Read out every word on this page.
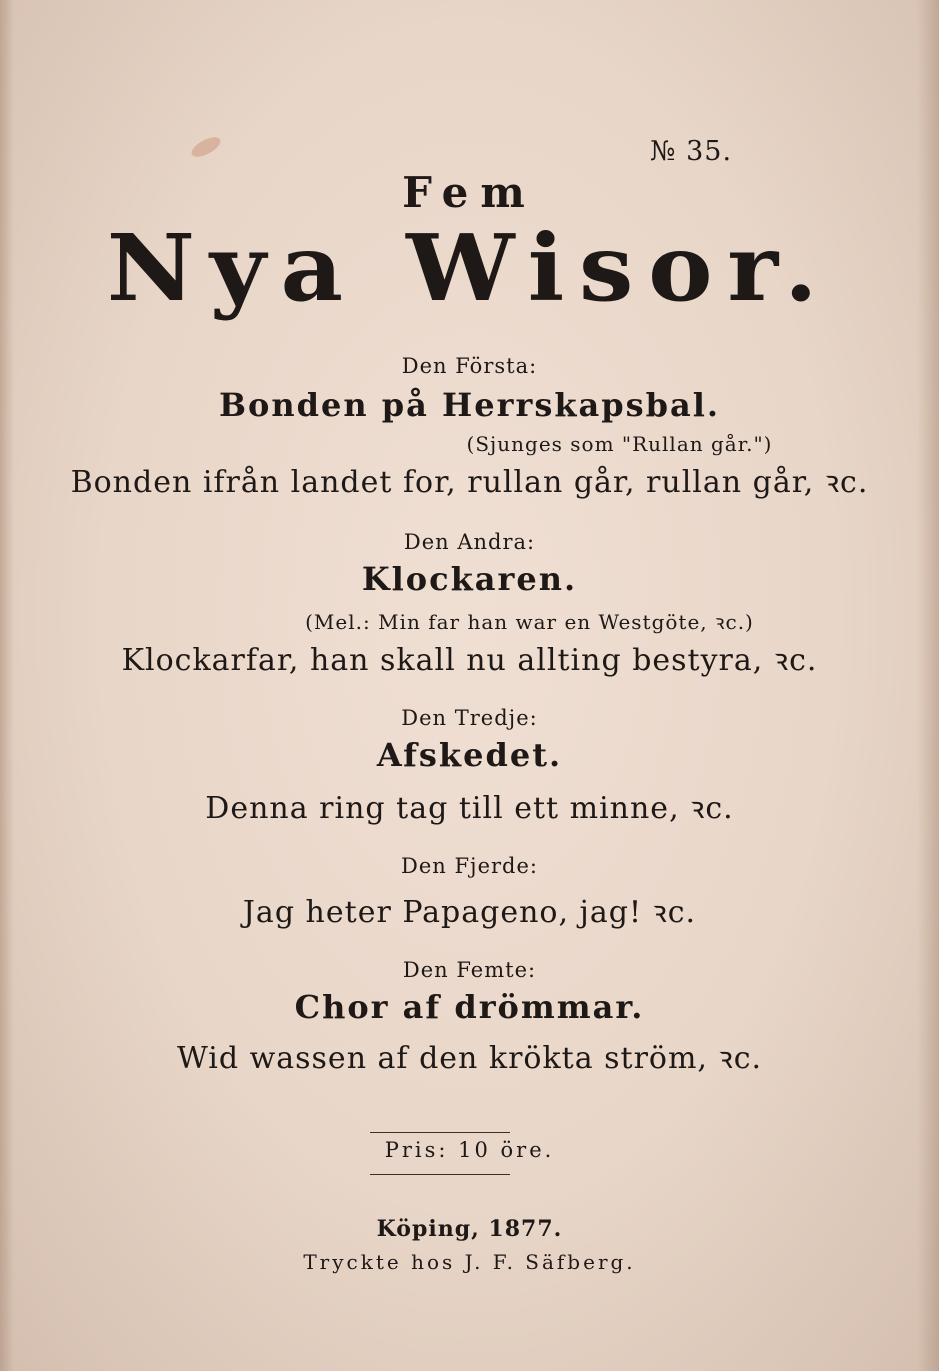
№ 35.
Fem
Nya Wisor.
Den Första:
Bonden på Herrskapsbal.
(Sjunges som "Rullan går.")
Bonden ifrån landet for, rullan går, rullan går, ꝛc.
Den Andra:
Klockaren.
(Mel.: Min far han war en Westgöte, ꝛc.)
Klockarfar, han skall nu allting bestyra, ꝛc.
Den Tredje:
Afskedet.
Denna ring tag till ett minne, ꝛc.
Den Fjerde:
Jag heter Papageno, jag! ꝛc.
Den Femte:
Chor af drömmar.
Wid wassen af den krökta ström, ꝛc.
Pris: 10 öre.
Köping, 1877.
Tryckte hos J. F. Säfberg.
